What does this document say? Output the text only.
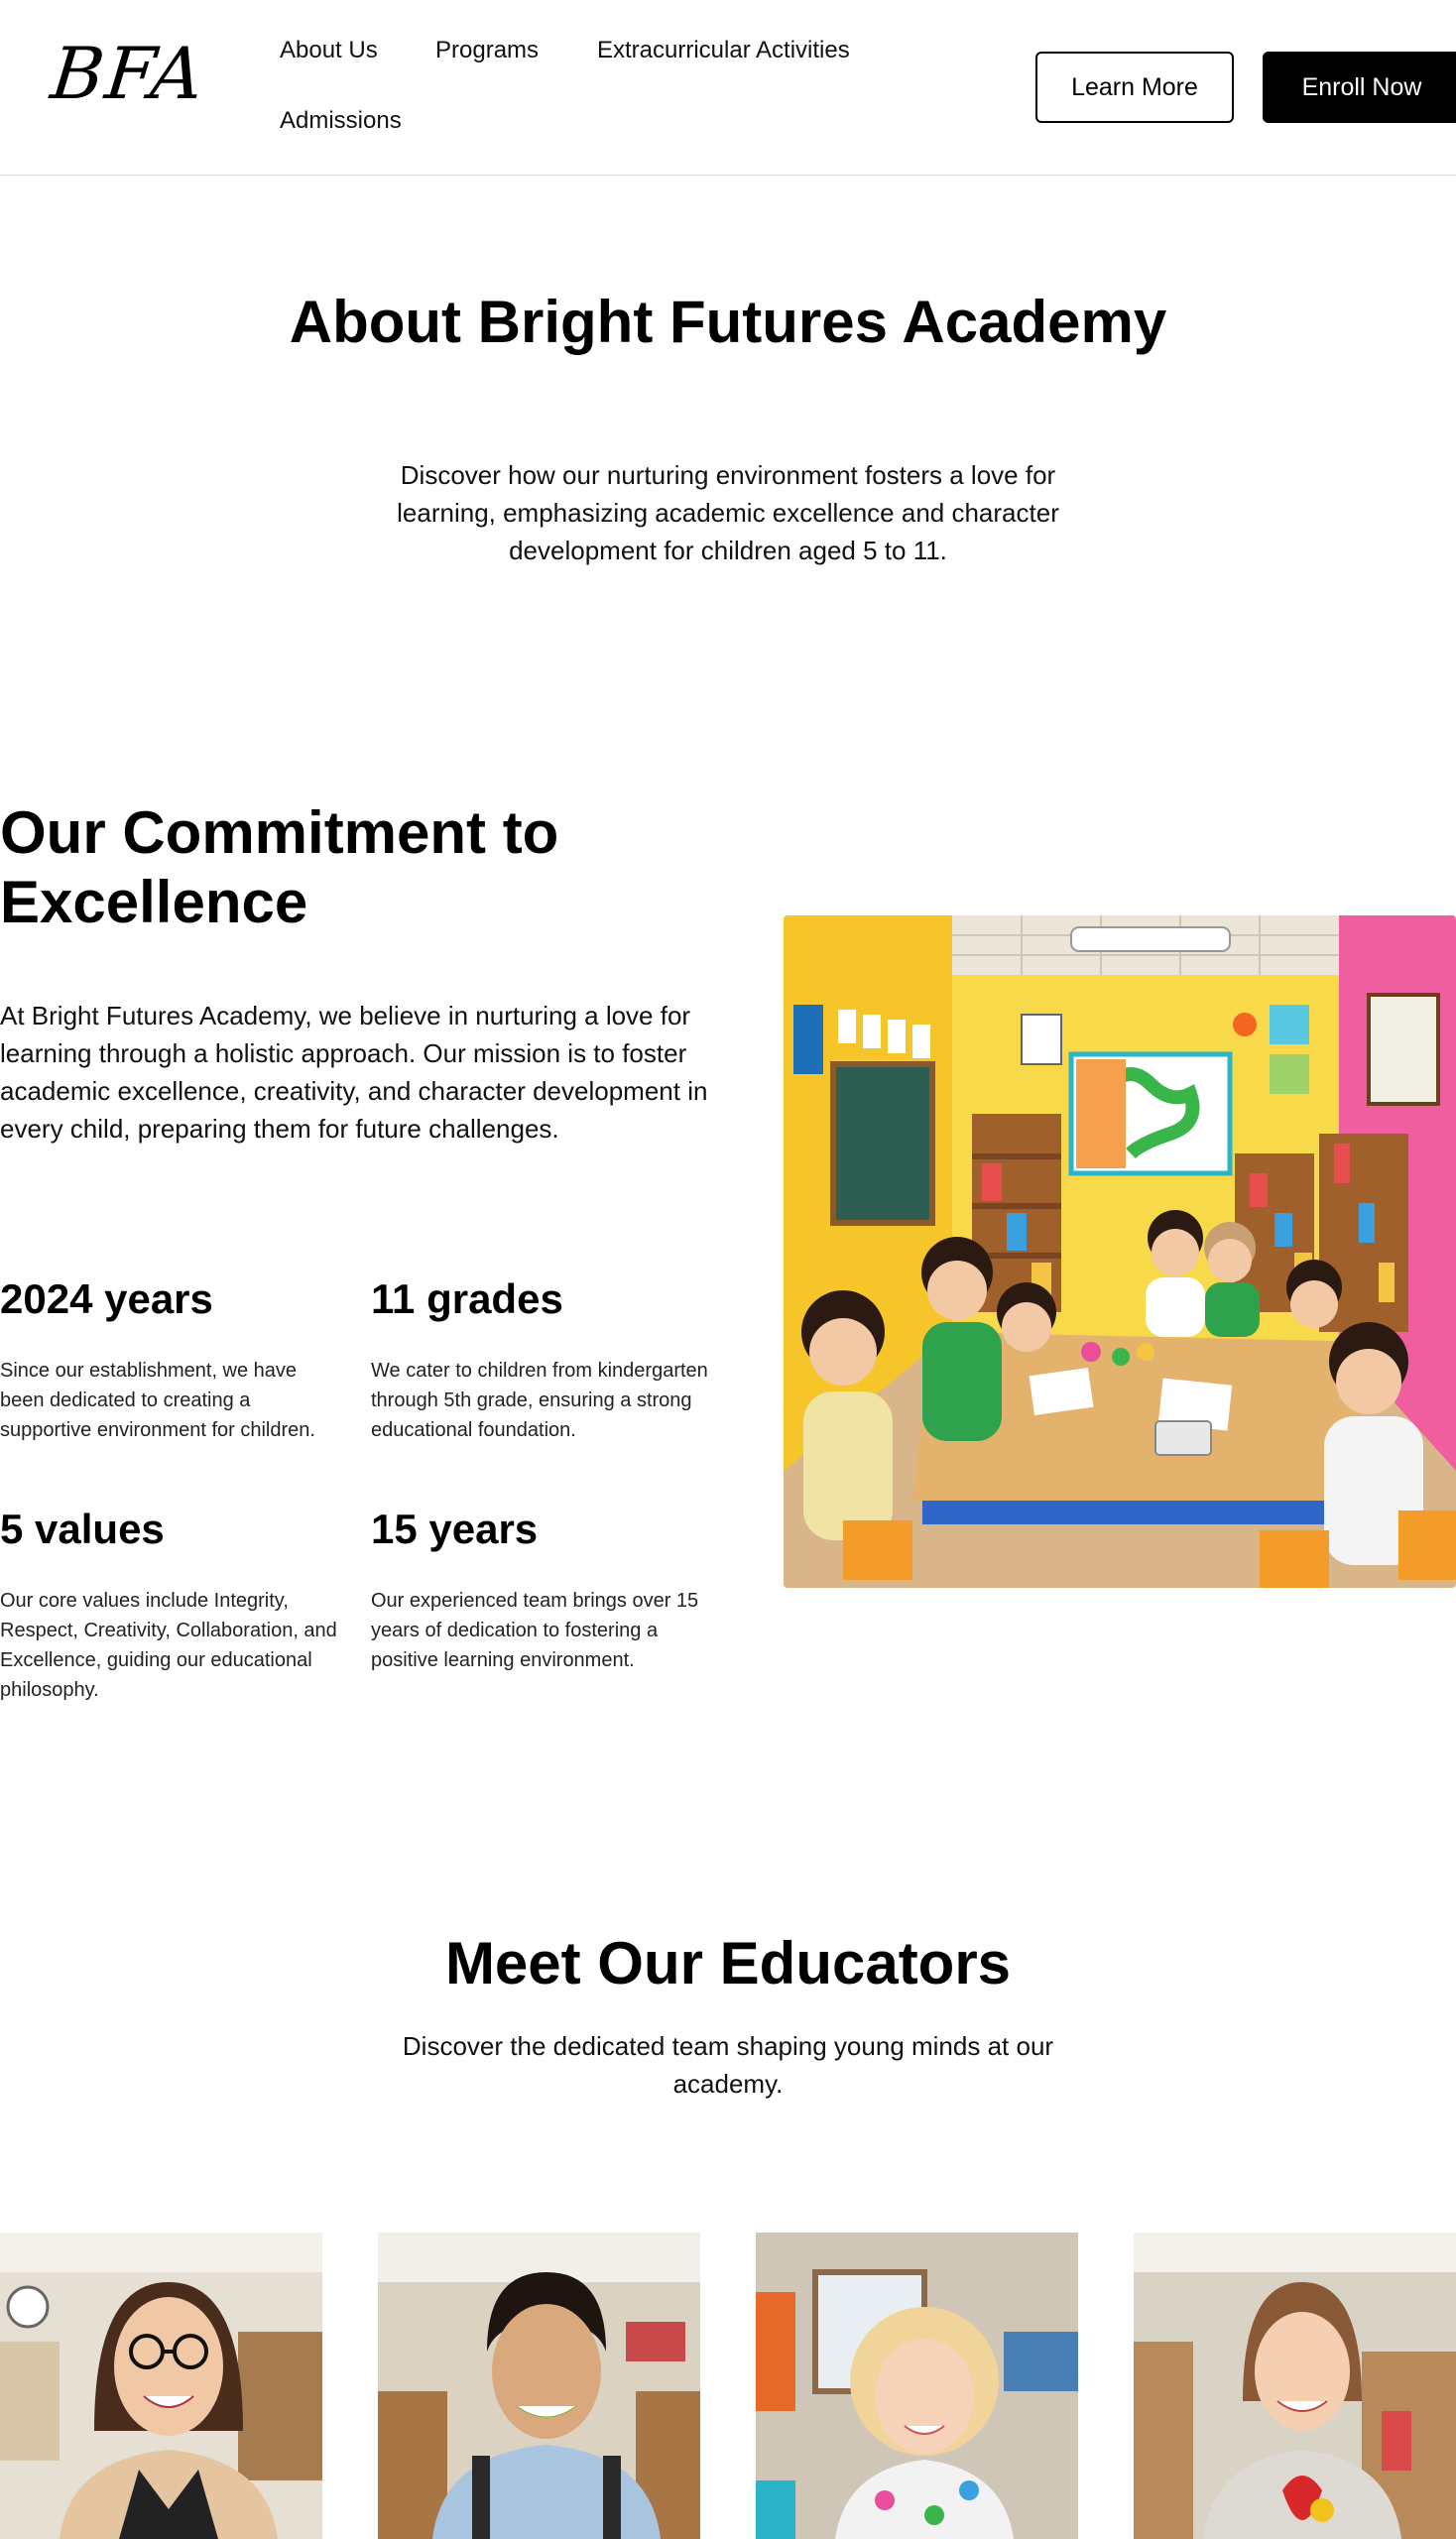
BFA	About Us Programs Extracurricular Activities
Admissions
Learn More	Enroll Now
About Bright Futures Academy

Discover how our nurturing environment fosters a love for learning, emphasizing academic excellence and character development for children aged 5 to 11.

Our Commitment to Excellence

At Bright Futures Academy, we believe in nurturing a love for learning through a holistic approach. Our mission is to foster academic excellence, creativity, and character development in every child, preparing them for future challenges.

2024 years
Since our establishment, we have been dedicated to creating a supportive environment for children.
11 grades
We cater to children from kindergarten through 5th grade, ensuring a strong educational foundation.
5 values
Our core values include Integrity, Respect, Creativity, Collaboration, and Excellence, guiding our educational philosophy.
15 years
Our experienced team brings over 15 years of dedication to fostering a positive learning environment.
Meet Our Educators

Discover the dedicated team shaping young minds at our academy.
